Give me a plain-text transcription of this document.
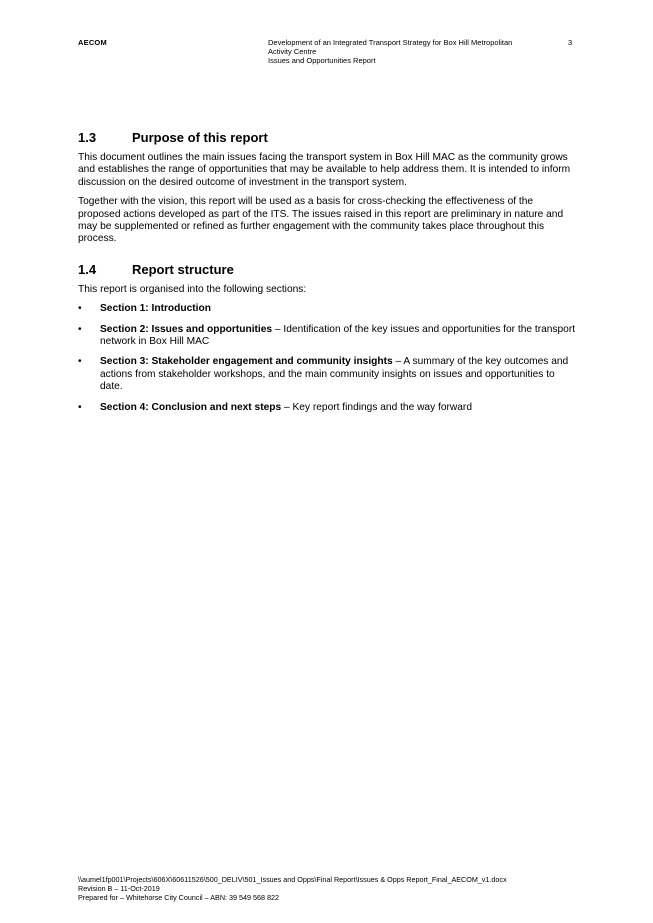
AECOM	Development of an Integrated Transport Strategy for Box Hill Metropolitan
Activity Centre
Issues and Opportunities Report
3
1.3	Purpose of this report

This document outlines the main issues facing the transport system in Box Hill MAC as the community grows and establishes the range of opportunities that may be available to help address them. It is intended to inform discussion on the desired outcome of investment in the transport system.

Together with the vision, this report will be used as a basis for cross-checking the effectiveness of the proposed actions developed as part of the ITS. The issues raised in this report are preliminary in nature and may be supplemented or refined as further engagement with the community takes place throughout this process.

1.4	Report structure

This report is organised into the following sections:

• Section 1: Introduction
• Section 2: Issues and opportunities – Identification of the key issues and opportunities for the transport network in Box Hill MAC
• Section 3: Stakeholder engagement and community insights – A summary of the key outcomes and actions from stakeholder workshops, and the main community insights on issues and opportunities to date.
• Section 4: Conclusion and next steps – Key report findings and the way forward
\\aumel1fp001\Projects\606X\60611526\500_DELIV\501_Issues and Opps\Final Report\Issues & Opps Report_Final_AECOM_v1.docx
Revision B – 11-Oct-2019
Prepared for – Whitehorse City Council – ABN: 39 549 568 822
